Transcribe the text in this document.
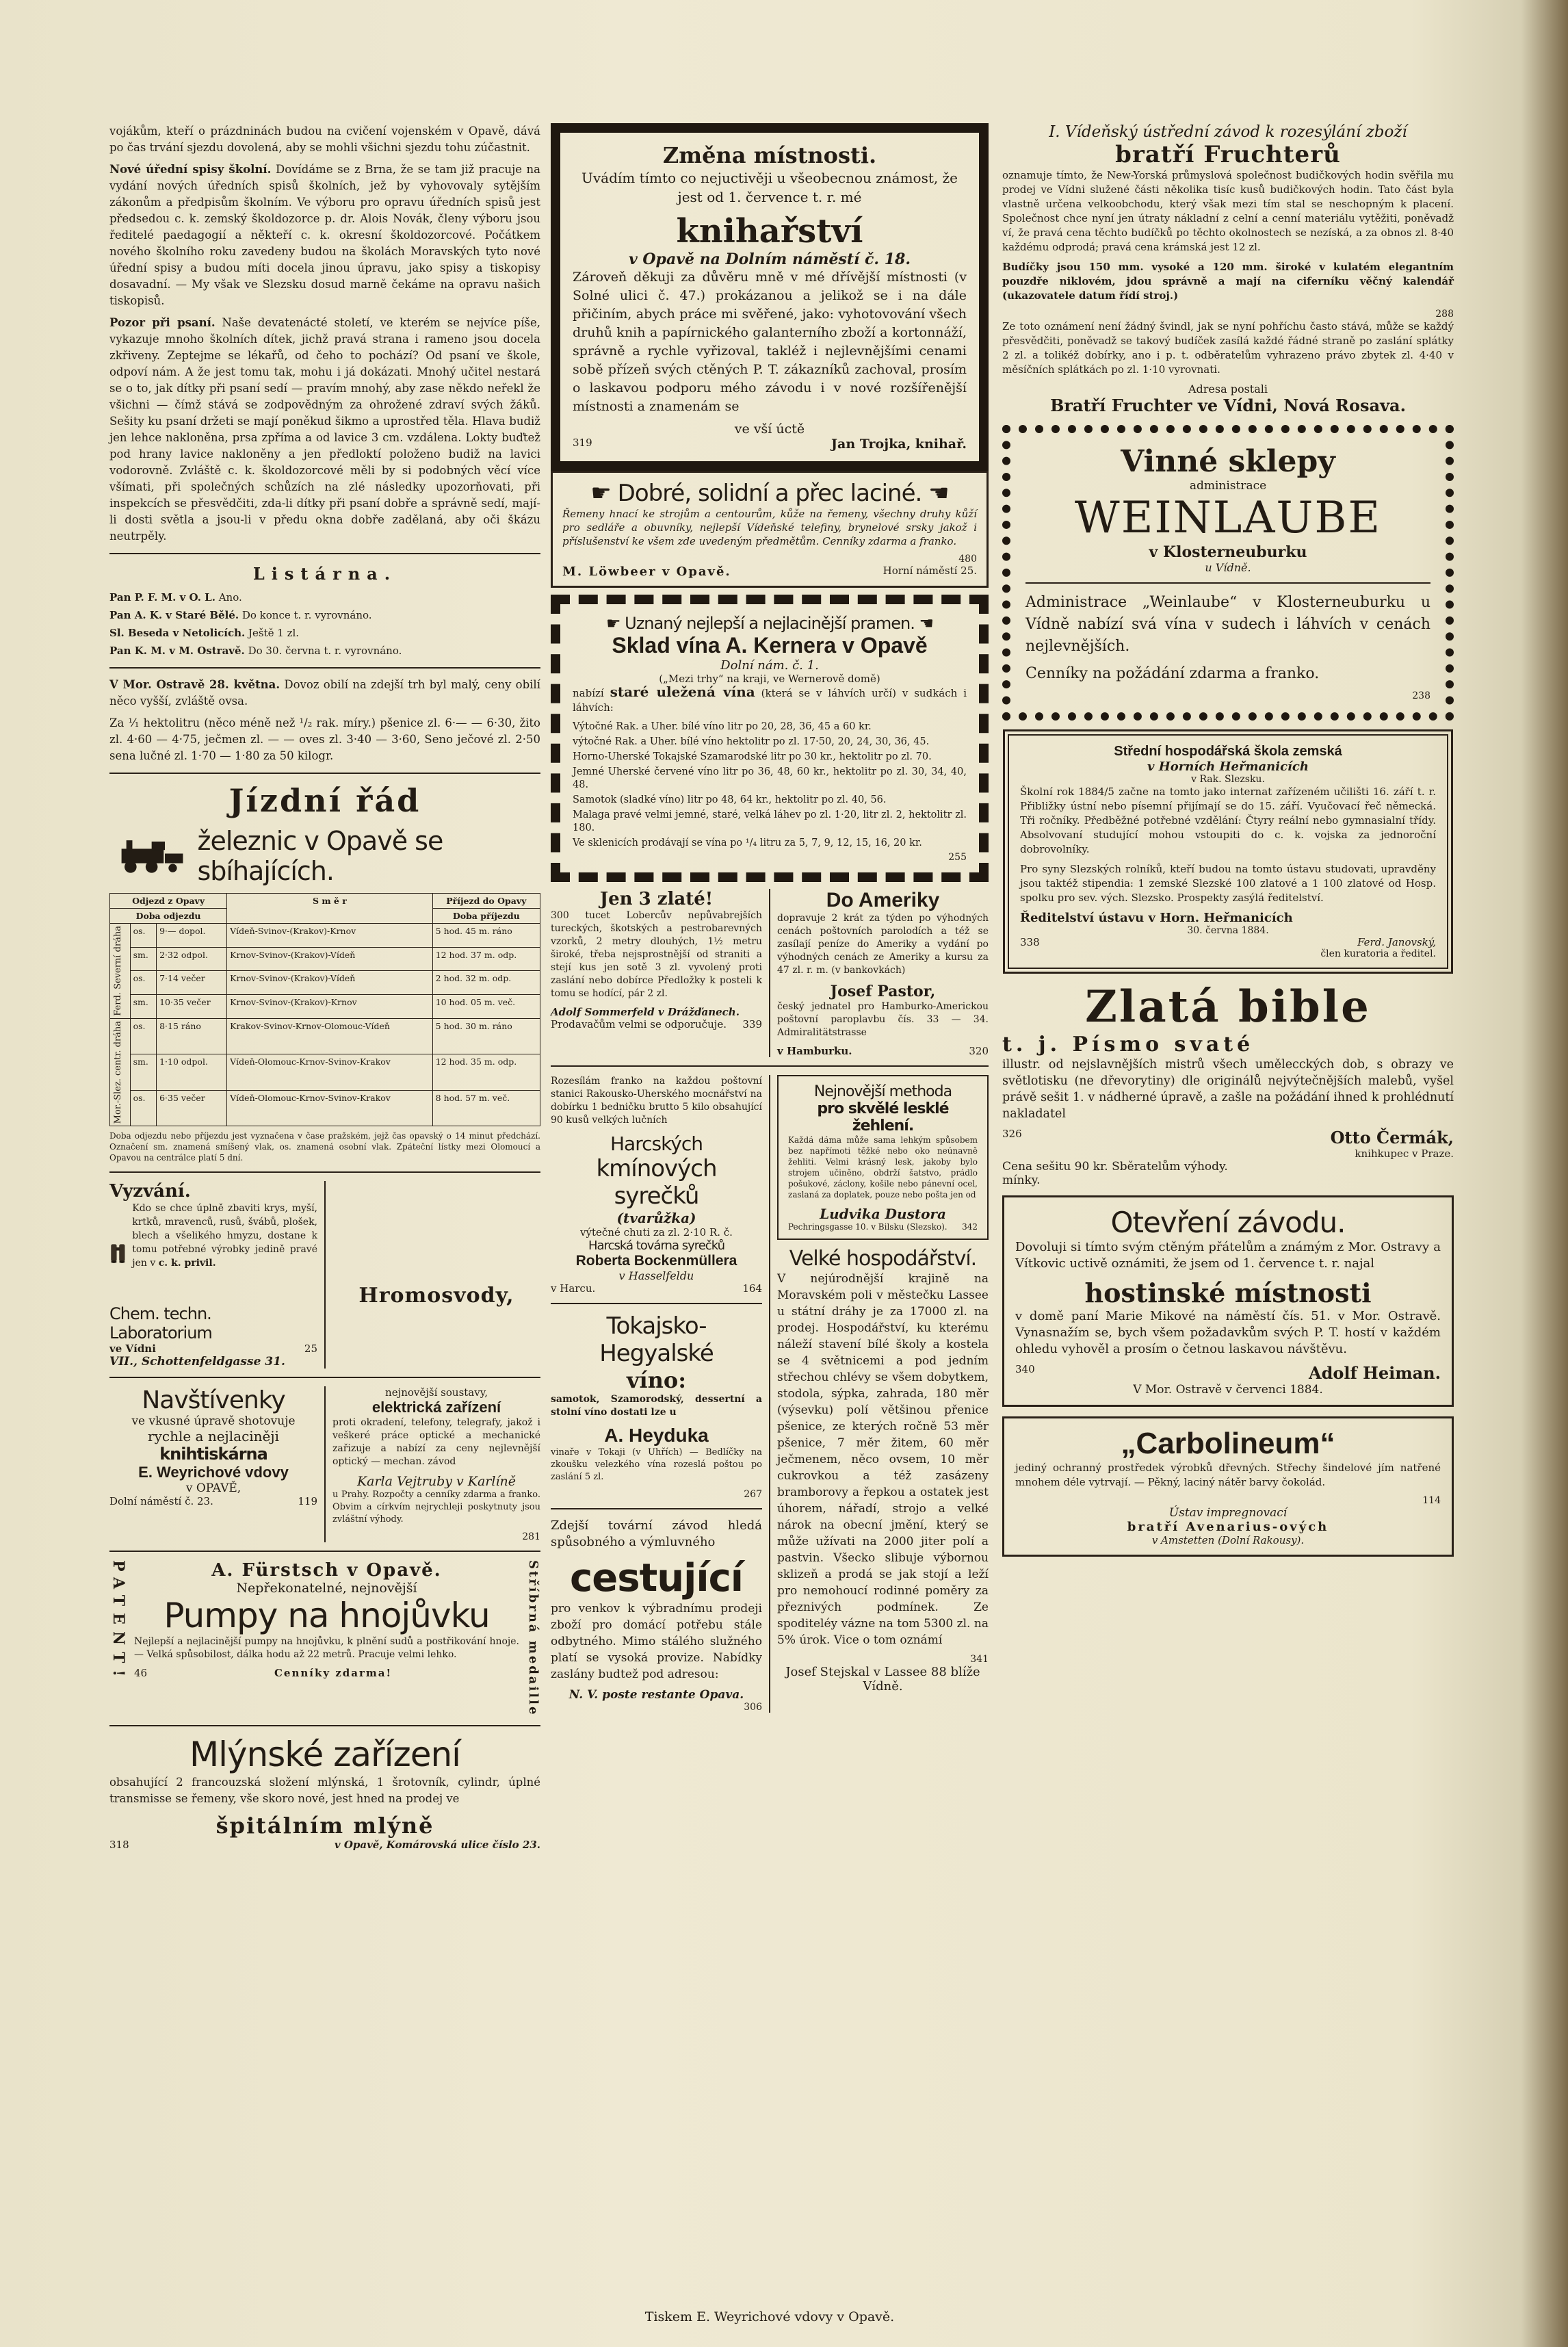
vojákům, kteří o prázdninách budou na cvičení vojenském v Opavě, dává po čas trvání sjezdu dovolená, aby se mohli všichni sjezdu tohu zúčastnit.

Nové úřední spisy školní. Dovídáme se z Brna, že se tam již pracuje na vydání nových úředních spisů školních, jež by vyhovovaly sytějším zákonům a předpisům školním. Ve výboru pro opravu úředních spisů jest předsedou c. k. zemský školdozorce p. dr. Alois Novák, členy výboru jsou ředitelé paedagogií a někteří c. k. okresní školdozorcové. Počátkem nového školního roku zavedeny budou na školách Moravských tyto nové úřední spisy a budou míti docela jinou úpravu, jako spisy a tiskopisy dosavadní. — My však ve Slezsku dosud marně čekáme na opravu našich tiskopisů.

Pozor při psaní. Naše devatenácté století, ve kterém se nejvíce píše, vykazuje mnoho školních dítek, jichž pravá strana i rameno jsou docela zkřiveny. Zeptejme se lékařů, od čeho to pochází? Od psaní ve škole, odpoví nám. A že jest tomu tak, mohu i já dokázati. Mnohý učitel nestará se o to, jak dítky při psaní sedí — pravím mnohý, aby zase někdo neřekl že všichni — čímž stává se zodpovědným za ohrožené zdraví svých žáků. Sešity ku psaní držeti se mají poněkud šikmo a uprostřed těla. Hlava budiž jen lehce nakloněna, prsa zpříma a od lavice 3 cm. vzdálena. Lokty buďtež pod hrany lavice nakloněny a jen předloktí položeno budiž na lavici vodorovně. Zvláště c. k. školdozorcové měli by si podobných věcí více všímati, při společných schůzích na zlé následky upozorňovati, při inspekcích se přesvědčiti, zda-li dítky při psaní dobře a správně sedí, mají-li dosti světla a jsou-li v předu okna dobře zadělaná, aby oči škázu neutrpěly.

Listárna.

Pan P. F. M. v O. L. Ano.

Pan A. K. v Staré Bělé. Do konce t. r. vyrovnáno.

Sl. Beseda v Netolicích. Ještě 1 zl.

Pan K. M. v M. Ostravě. Do 30. června t. r. vyrovnáno.

V Mor. Ostravě 28. května. Dovoz obilí na zdejší trh byl malý, ceny obilí něco vyšší, zvláště ovsa.

Za ⅟₁ hektolitru (něco méně než ¹/₂ rak. míry.) pšenice zl. 6·— — 6·30, žito zl. 4·60 — 4·75, ječmen zl. — — oves zl. 3·40 — 3·60, Seno ječové zl. 2·50 sena lučné zl. 1·70 — 1·80 za 50 kilogr.

Jízdní řád
železnic v Opavě se sbíhajících.
Odjezd z Opavy			S m ě r	Příjezd do Opavy
Doba odjezdu				Doba příjezdu

Ferd. Severní dráha	os.	9·— dopol.	Vídeň-Svinov-(Krakov)-Krnov	5 hod. 45 m. ráno
	sm.	2·32 odpol.	Krnov-Svinov-(Krakov)-Vídeň	12 hod. 37 m. odp.
	os.	7·14 večer	Krnov-Svinov-(Krakov)-Vídeň	2 hod. 32 m. odp.
	sm.	10·35 večer	Krnov-Svinov-(Krakov)-Krnov	10 hod. 05 m. več.

Mor.-Slez. centr. dráha	os.	8·15 ráno	Krakov-Svinov-Krnov-Olomouc-Vídeň	5 hod. 30 m. ráno
	sm.	1·10 odpol.	Vídeň-Olomouc-Krnov-Svinov-Krakov	12 hod. 35 m. odp.
	os.	6·35 večer	Vídeň-Olomouc-Krnov-Svinov-Krakov	8 hod. 57 m. več.

Doba odjezdu nebo příjezdu jest vyznačena v čase pražském, jejž čas opavský o 14 minut předchází. Označení sm. znamená smíšený vlak, os. znamená osobní vlak. Zpáteční lístky mezi Olomoucí a Opavou na centrálce platí 5 dní.

Vyzvání.

Kdo se chce úplně zbaviti krys, myší, krtků, mravenců, rusů, švábů, plošek, blech a všelikého hmyzu, dostane k tomu potřebné výrobky jedině pravé jen v c. k. privil.

Chem. techn. Laboratorium
ve Vídni	25
VII., Schottenfeldgasse 31.
Hromosvody,
Navštívenky
ve vkusné úpravě shotovuje
rychle a nejlaciněji
knihtiskárna
E. Weyrichové vdovy
v OPAVĚ,
Dolní náměstí č. 23.	119
nejnovější soustavy,
elektrická zařízení

proti okradení, telefony, telegrafy, jakož i veškeré práce optické a mechanické zařizuje a nabízí za ceny nejlevnější optický — mechan. závod

Karla Vejtruby v Karlíně

u Prahy. Rozpočty a cenníky zdarma a franko. Obvim a církvím nejrychleji poskytnuty jsou zvláštní výhody.

281
PATENT!	A. Fürstsch v Opavě.
Nepřekonatelné, nejnovější
Pumpy na hnojůvku

Nejlepší a nejlacinější pumpy na hnojůvku, k plnění sudů a postřikování hnoje. — Velká spůsobilost, dálka hodu až 22 metrů. Pracuje velmi lehko.

46	Cenníky zdarma!	Stříbrná medaille
Mlýnské zařízení

obsahující 2 francouzská složení mlýnská, 1 šrotovník, cylindr, úplné transmisse se řemeny, vše skoro nové, jest hned na prodej ve

špitálním mlýně
318	v Opavě, Komárovská ulice číslo 23.
Změna místnosti.

Uvádím tímto co nejuctivěji u všeobecnou známost, že jest od 1. července t. r. mé

knihařství
v Opavě na Dolním náměstí č. 18.

Zároveň děkuji za důvěru mně v mé dřívější místnosti (v Solné ulici č. 47.) prokázanou a jelikož se i na dále přičiním, abych práce mi svěřené, jako: vyhotovování všech druhů knih a papírnického galanterního zboží a kortonnáží, správně a rychle vyřizoval, takléž i nejlevnějšími cenami sobě přízeň svých ctěných P. T. zákazníků zachoval, prosím o laskavou podporu mého závodu i v nové rozšířenější místnosti a znamenám se

ve vší úctě
319	Jan Trojka, knihař.
☛ Dobré, solidní a přec laciné. ☚

Řemeny hnací ke strojům a centourům, kůže na řemeny, všechny druhy kůží pro sedláře a obuvníky, nejlepší Vídeňské telefiny, brynelové srsky jakož i příslušenství ke všem zde uvedeným předmětům. Cenníky zdarma a franko.

480
M. Löwbeer v Opavě.	Horní náměstí 25.
☛ Uznaný nejlepší a nejlacinější pramen. ☚
Sklad vína A. Kernera v Opavě
Dolní nám. č. 1.
(„Mezi trhy“ na kraji, ve Wernerově domě)

nabízí staré uležená vína (která se v láhvích určí) v sudkách i láhvích:

Výtočné Rak. a Uher. bílé víno litr po 20, 28, 36, 45 a 60 kr.

výtočné Rak. a Uher. bílé víno hektolitr po zl. 17·50, 20, 24, 30, 36, 45.

Horno-Uherské Tokajské Szamarodské litr po 30 kr., hektolitr po zl. 70.

Jemné Uherské červené víno litr po 36, 48, 60 kr., hektolitr po zl. 30, 34, 40, 48.

Samotok (sladké víno) litr po 48, 64 kr., hektolitr po zl. 40, 56.

Malaga pravé velmi jemné, staré, velká láhev po zl. 1·20, litr zl. 2, hektolitr zl. 180.

Ve sklenicích prodávají se vína po ¹/₄ litru za 5, 7, 9, 12, 15, 16, 20 kr.

255
Jen 3 zlaté!

300 tucet Lobercův nepůvabrejších tureckých, škotských a pestrobarevných vzorků, 2 metry dlouhých, 1½ metru široké, třeba nejsprostnější od straniti a stejí kus jen sotě 3 zl. vyvolený proti zaslání nebo dobírce Předložky k posteli k tomu se hodící, pár 2 zl.

Adolf Sommerfeld v Drážďanech.
Prodavačům velmi se odporučuje. 339
Do Ameriky

dopravuje 2 krát za týden po výhodných cenách poštovních parolodích a též se zasílají peníze do Ameriky a vydání po výhodných cenách ze Ameriky a kursu za 47 zl. r. m. (v bankovkách)

Josef Pastor,

český jednatel pro Hamburko-Americkou poštovní paroplavbu čís. 33 — 34. Admiralitätstrasse

v Hamburku.	320

Rozesílám franko na každou poštovní stanici Rakousko-Uherského mocnářství na dobírku 1 bedničku brutto 5 kilo obsahující 90 kusů velkých lučních

Harcských
kmínových syrečků
(tvarůžka)
výtečné chuti za zl. 2·10 R. č.
Harcská továrna syrečků
Roberta Bockenmüllera
v Hasselfeldu
v Harcu.	164
Tokajsko-Hegyalské
víno:

samotok, Szamorodský, dessertní a stolní víno dostati lze u

A. Heyduka

vinaře v Tokaji (v Uhřích) — Bedlíčky na zkoušku velezkého vína rozeslá poštou po zaslání 5 zl.

267

Zdejší tovární závod hledá spůsobného a výmluvného

cestující

pro venkov k výbradnímu prodeji zboží pro domácí potřebu stále odbytného. Mimo stálého služného platí se vysoká provize. Nabídky zaslány budtež pod adresou:

N. V. poste restante Opava.
306
Nejnovější methoda
pro skvělé lesklé žehlení.

Každá dáma může sama lehkým spůsobem bez napřímoti těžké nebo oko neúnavně žehliti. Velmi krásný lesk, jakoby bylo strojem učiněno, obdrží šatstvo, prádlo pošukové, záclony, košile nebo pánevní ocel, zaslaná za doplatek, pouze nebo pošta jen od

Ludvika Dustora
Pechringsgasse 10. v Bilsku (Slezsko). 342
Velké hospodářství.

V nejúrodnější krajině na Moravském poli v městečku Lassee u státní dráhy je za 17000 zl. na prodej. Hospodářství, ku kterému náleží stavení bílé školy a kostela se 4 světnicemi a pod jedním střechou chlévy se všem dobytkem, stodola, sýpka, zahrada, 180 měr (výsevku) polí většinou přenice pšenice, ze kterých ročně 53 měr pšenice, 7 měr žitem, 60 měr ječmenem, něco ovsem, 10 měr cukrovkou a též zasázeny bramborovy a řepkou a ostatek jest úhorem, nářadí, strojo a velké nárok na obecní jmění, který se může užívati na 2000 jiter polí a pastvin. Všecko slibuje výbornou sklizeň a prodá se jak stojí a leží pro nemohoucí rodinné poměry za přeznivých podmínek. Ze spoditeléy vázne na tom 5300 zl. na 5% úrok. Vice o tom oznámí

341
Josef Stejskal v Lassee 88 blíže Vídně.
I. Vídeňský ústřední závod k rozesýlání zboží
bratří Fruchterů

oznamuje tímto, že New-Yorská průmyslová společnost budičkových hodin svěřila mu prodej ve Vídni služené části několika tisíc kusů budičkových hodin. Tato část byla vlastně určena velkoobchodu, který však mezi tím stal se neschopným k placení. Společnost chce nyní jen útraty nákladní z celní a cenní materiálu vytěžiti, poněvadž ví, že pravá cena těchto budíčků po těchto okolnostech se nezíská, a za obnos zl. 8·40 každému odprodá; pravá cena krámská jest 12 zl.

Budíčky jsou 150 mm. vysoké a 120 mm. široké v kulatém elegantním pouzdře niklovém, jdou správně a mají na ciferníku věčný kalendář (ukazovatele datum řídí stroj.)

288

Ze toto oznámení není žádný švindl, jak se nyní pohříchu často stává, může se každý přesvědčiti, poněvadž se takový budíček zasílá každé řádné straně po zaslání splátky 2 zl. a tolikéž dobírky, ano i p. t. odběratelům vyhrazeno právo zbytek zl. 4·40 v měsíčních splátkách po zl. 1·10 vyrovnati.

Adresa postali
Bratří Fruchter ve Vídni, Nová Rosava.
Vinné sklepy
administrace
WEINLAUBE
v Klosterneuburku
u Vídně.

Administrace „Weinlaube“ v Klosterneuburku u Vídně nabízí svá vína v sudech i láhvích v cenách nejlevnějších.

Cenníky na požádání zdarma a franko.

238
Střední hospodářská škola zemská
v Horních Heřmanicích
v Rak. Slezsku.

Školní rok 1884/5 začne na tomto jako internat zařízeném učilišti 16. září t. r. Přibližky ústní nebo písemní přijímají se do 15. září. Vyučovací řeč německá. Tři ročníky. Předběžné potřebné vzdělání: Čtyry reální nebo gymnasialní třídy. Absolvovaní studující mohou vstoupiti do c. k. vojska za jednoroční dobrovolníky.

Pro syny Slezských rolníků, kteří budou na tomto ústavu studovati, upravděny jsou taktéž stipendia: 1 zemské Slezské 100 zlatové a 1 100 zlatové od Hosp. spolku pro sev. vých. Slezsko. Prospekty zasýlá ředitelství.

Ředitelství ústavu v Horn. Heřmanicích
30. června 1884.
338	Ferd. Janovský,
člen kuratoria a ředitel.
Zlatá bible
t. j. Písmo svaté

illustr. od nejslavnějších mistrů všech umělecckých dob, s obrazy ve světlotisku (ne dřevorytiny) dle originálů nejvýtečnějších malebů, vyšel právě sešit 1. v nádherné úpravě, a zašle na požádání ihned k prohlédnutí nakladatel

326	Otto Čermák,
knihkupec v Praze.
Cena sešitu 90 kr. Sběratelům výhody.
mínky.
Otevření závodu.

Dovoluji si tímto svým ctěným přátelům a známým z Mor. Ostravy a Vítkovic uctivě oznámiti, že jsem od 1. července t. r. najal

hostinské místnosti

v domě paní Marie Mikové na náměstí čís. 51. v Mor. Ostravě. Vynasnažím se, bych všem požadavkům svých P. T. hostí v každém ohledu vyhověl a prosím o četnou laskavou návštěvu.

340	Adolf Heiman.
V Mor. Ostravě v červenci 1884.
„Carbolineum“

jediný ochranný prostředek výrobků dřevných. Střechy šindelové jím natřené mnohem déle vytrvají. — Pěkný, laciný nátěr barvy čokolád.

114
Ústav impregnovací
bratří Avenarius-ových
v Amstetten (Dolní Rakousy).
Tiskem E. Weyrichové vdovy v Opavě.
